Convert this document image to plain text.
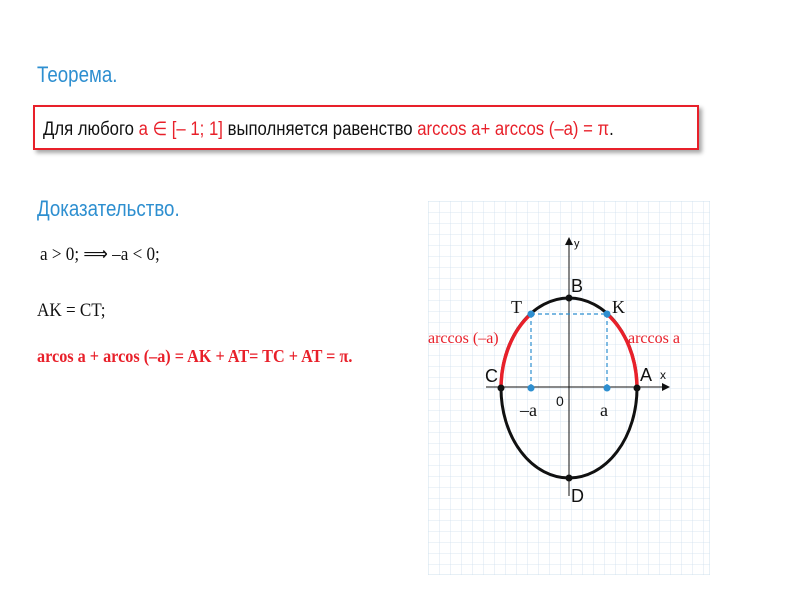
Теорема.
Для любого a ∈ [– 1; 1] выполняется равенство arccos a+ arccos (–a) = π.
Доказательство.
a > 0; ⟹ –a < 0;
AK = CT;
arcos a + arcos (–a) = AK + AT= TC + AT = π.
y
x
0
B
D
C	A
T	K
–a	a
arccos (–a)	arccos a
